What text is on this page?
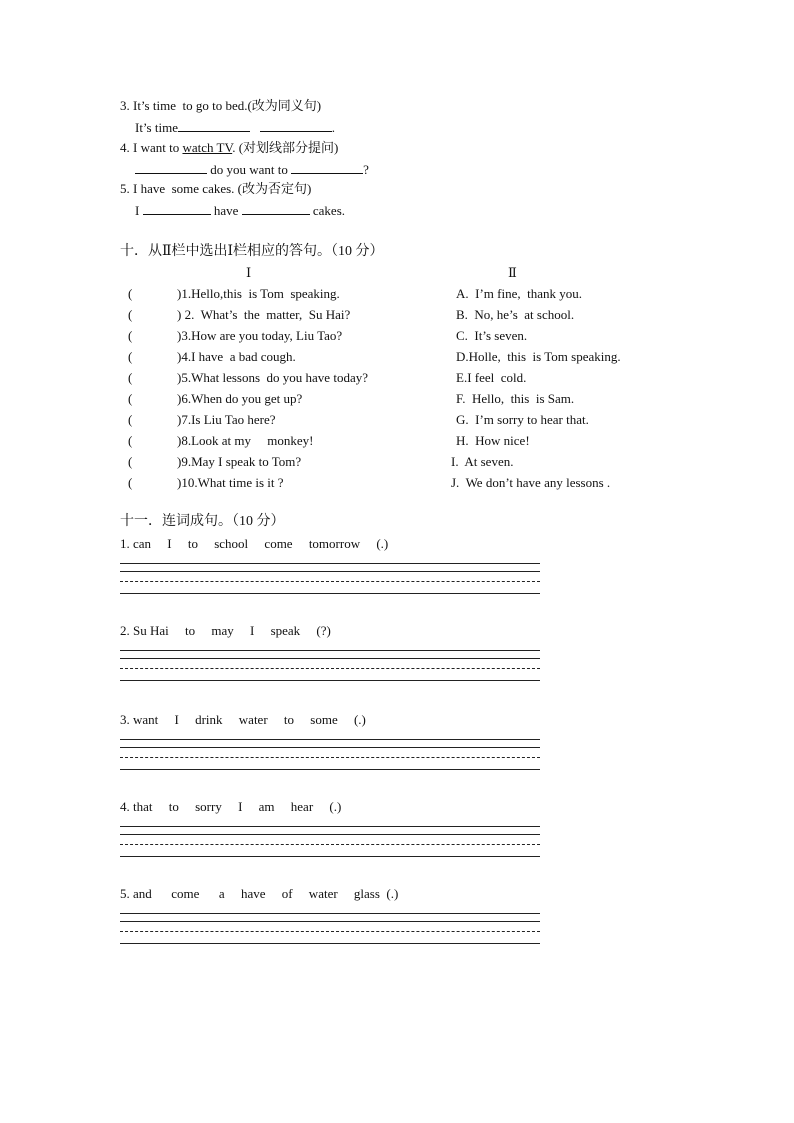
3. It’s time  to go to bed.(改为同义句)
It’s time	.
4. I want to watch TV. (对划线部分提问)
do you want to	?
5. I have  some cakes. (改为否定句)
I	have	cakes.
十．从Ⅱ栏中选出Ⅰ栏相应的答句。（10 分）
Ⅰ	Ⅱ
(	)1.Hello,this  is Tom  speaking.	A.  I’m fine,  thank you.
(	) 2.  What’s  the  matter,  Su Hai?	B.  No, he’s  at school.
(	)3.How are you today, Liu Tao?	C.  It’s seven.
(	)4.I have  a bad cough.	D.Holle,  this  is Tom speaking.
(	)5.What lessons  do you have today?	E.I feel  cold.
(	)6.When do you get up?	F.  Hello,  this  is Sam.
(	)7.Is Liu Tao here?	G.  I’m sorry to hear that.
(	)8.Look at my     monkey!	H.  How nice!
(	)9.May I speak to Tom?	I.  At seven.
(	)10.What time is it ?	J.  We don’t have any lessons .
十一．连词成句。（10 分）
1. can     I     to     school     come     tomorrow     (.)
2. Su Hai     to     may     I     speak     (?)
3. want     I     drink     water     to     some     (.)
4. that     to     sorry     I     am     hear     (.)
5. and      come      a     have     of     water     glass  (.)
